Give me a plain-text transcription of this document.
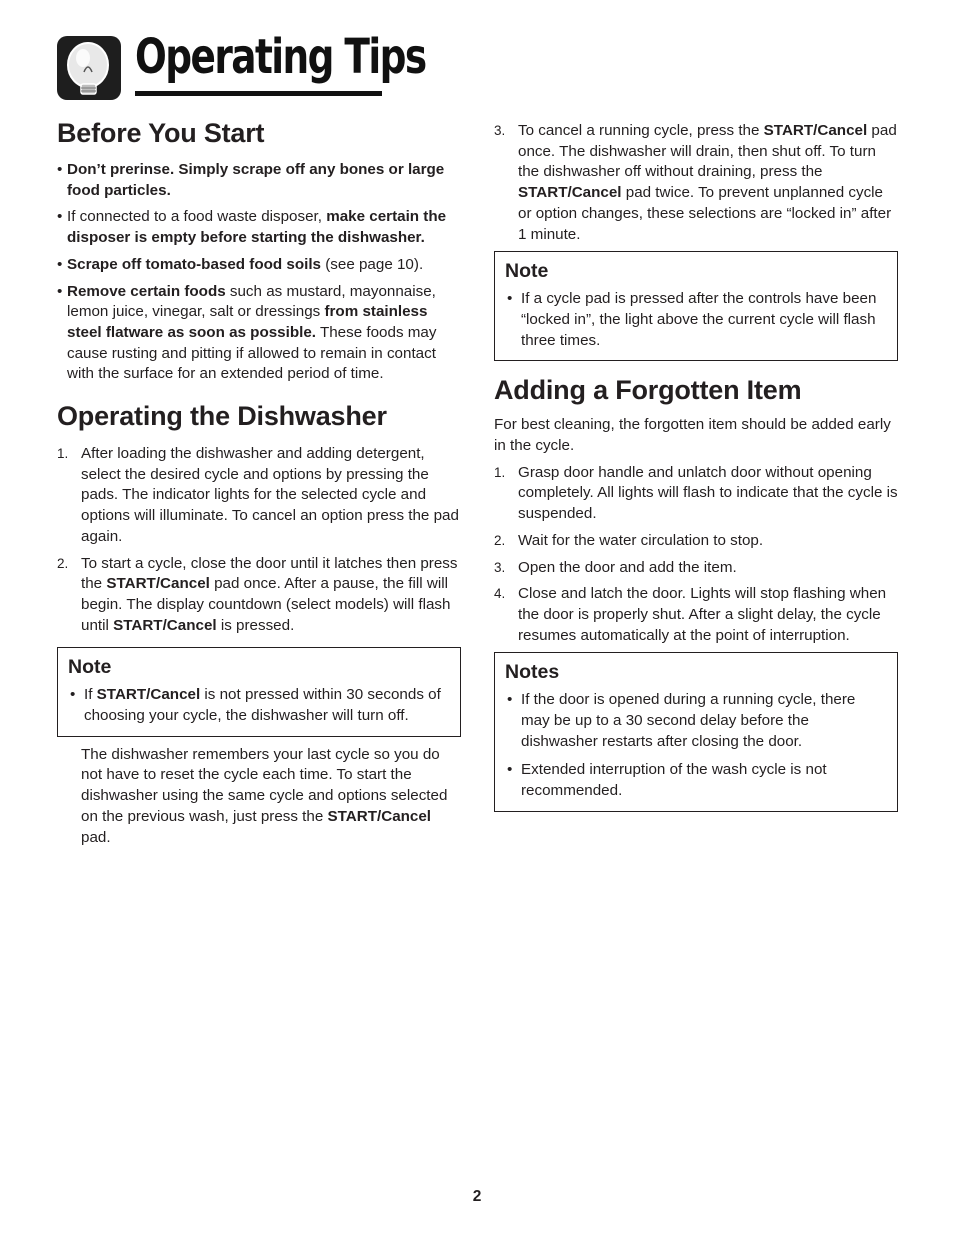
Operating Tips
Before You Start
• Don’t prerinse. Simply scrape off any bones or large food particles.
• If connected to a food waste disposer, make certain the disposer is empty before starting the dishwasher.
• Scrape off tomato-based food soils (see page 10).
• Remove certain foods such as mustard, mayonnaise, lemon juice, vinegar, salt or dressings from stainless steel flatware as soon as possible. These foods may cause rusting and pitting if allowed to remain in contact with the surface for an extended period of time.
Operating the Dishwasher
1. After loading the dishwasher and adding detergent, select the desired cycle and options by pressing the pads. The indicator lights for the selected cycle and options will illuminate. To cancel an option press the pad again.
2. To start a cycle, close the door until it latches then press the START/Cancel pad once. After a pause, the fill will begin. The display countdown (select models) will flash until START/Cancel is pressed.
Note
• If START/Cancel is not pressed within 30 seconds of choosing your cycle, the dishwasher will turn off.

The dishwasher remembers your last cycle so you do not have to reset the cycle each time. To start the dishwasher using the same cycle and options selected on the previous wash, just press the START/Cancel pad.

3. To cancel a running cycle, press the START/Cancel pad once. The dishwasher will drain, then shut off. To turn the dishwasher off without draining, press the START/Cancel pad twice. To prevent unplanned cycle or option changes, these selections are “locked in” after 1 minute.
Note
• If a cycle pad is pressed after the controls have been “locked in”, the light above the current cycle will flash three times.
Adding a Forgotten Item

For best cleaning, the forgotten item should be added early in the cycle.

1. Grasp door handle and unlatch door without opening completely. All lights will flash to indicate that the cycle is suspended.
2. Wait for the water circulation to stop.
3. Open the door and add the item.
4. Close and latch the door. Lights will stop flashing when the door is properly shut. After a slight delay, the cycle resumes automatically at the point of interruption.
Notes
• If the door is opened during a running cycle, there may be up to a 30 second delay before the dishwasher restarts after closing the door.
• Extended interruption of the wash cycle is not recommended.
2
